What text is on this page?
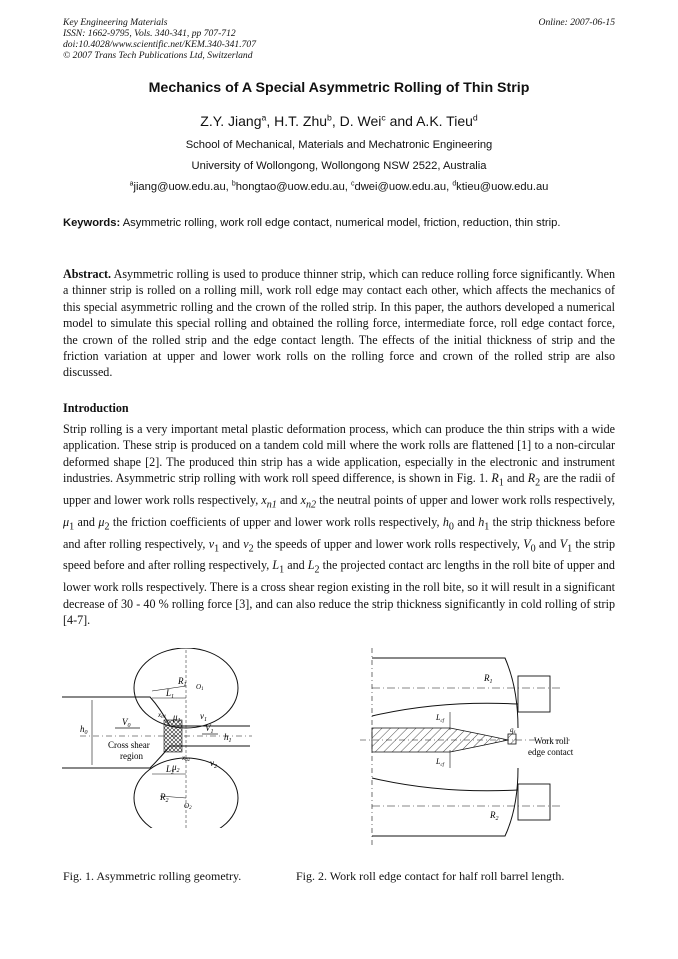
Key Engineering Materials
ISSN: 1662-9795, Vols. 340-341, pp 707-712
doi:10.4028/www.scientific.net/KEM.340-341.707
© 2007 Trans Tech Publications Ltd, Switzerland
Online: 2007-06-15
Mechanics of A Special Asymmetric Rolling of Thin Strip
Z.Y. Jiang$^a$, H.T. Zhu$^b$, D. Wei$^c$ and A.K. Tieu$^d$
School of Mechanical, Materials and Mechatronic Engineering
University of Wollongong, Wollongong NSW 2522, Australia
$^a$jiang@uow.edu.au, $^b$hongtao@uow.edu.au, $^c$dwei@uow.edu.au, $^d$ktieu@uow.edu.au
Keywords: Asymmetric rolling, work roll edge contact, numerical model, friction, reduction, thin strip.

Abstract. Asymmetric rolling is used to produce thinner strip, which can reduce rolling force significantly. When a thinner strip is rolled on a rolling mill, work roll edge may contact each other, which affects the mechanics of this special asymmetric rolling and the crown of the rolled strip. In this paper, the authors developed a numerical model to simulate this special rolling and obtained the rolling force, intermediate force, roll edge contact force, the crown of the rolled strip and the edge contact length. The effects of the initial thickness of strip and the friction variation at upper and lower work rolls on the rolling force and crown of the rolled strip are also discussed.

Introduction

Strip rolling is a very important metal plastic deformation process, which can produce the thin strips with a wide application. These strip is produced on a tandem cold mill where the work rolls are flattened [1] to a non-circular deformed shape [2]. The produced thin strip has a wide application, especially in the electronic and instrument industries. Asymmetric strip rolling with work roll speed difference, is shown in Fig. 1. $R_1$ and $R_2$ are the radii of upper and lower work rolls respectively, $x_{n1}$ and $x_{n2}$ the neutral points of upper and lower work rolls respectively, $\mu_1$ and $\mu_2$ the friction coefficients of upper and lower work rolls respectively, $h_0$ and $h_1$ the strip thickness before and after rolling respectively, $v_1$ and $v_2$ the speeds of upper and lower work rolls respectively, $V_0$ and $V_1$ the strip speed before and after rolling respectively, $L_1$ and $L_2$ the projected contact arc lengths in the roll bite of upper and lower work rolls respectively. There is a cross shear region existing in the roll bite, so it will result in a significant decrease of 30 - 40 % rolling force [3], and can also reduce the strip thickness significantly in cold rolling of strip [4-7].

$R_1$ O1
$L_1$
xn1 $\mu_1$ $v_1$
$h_0$
$V_0$	$V_1$ $h_1$
Cross shear
region	xn2
$\mu_2$
$L_2$
$v_2$
$R_2$
O2
$R_1$
$L_{cf}$
qs
Work roll
edge contact
$L_{cf}$
$R_2$
Fig. 1. Asymmetric rolling geometry.	Fig. 2. Work roll edge contact for half roll barrel length.
